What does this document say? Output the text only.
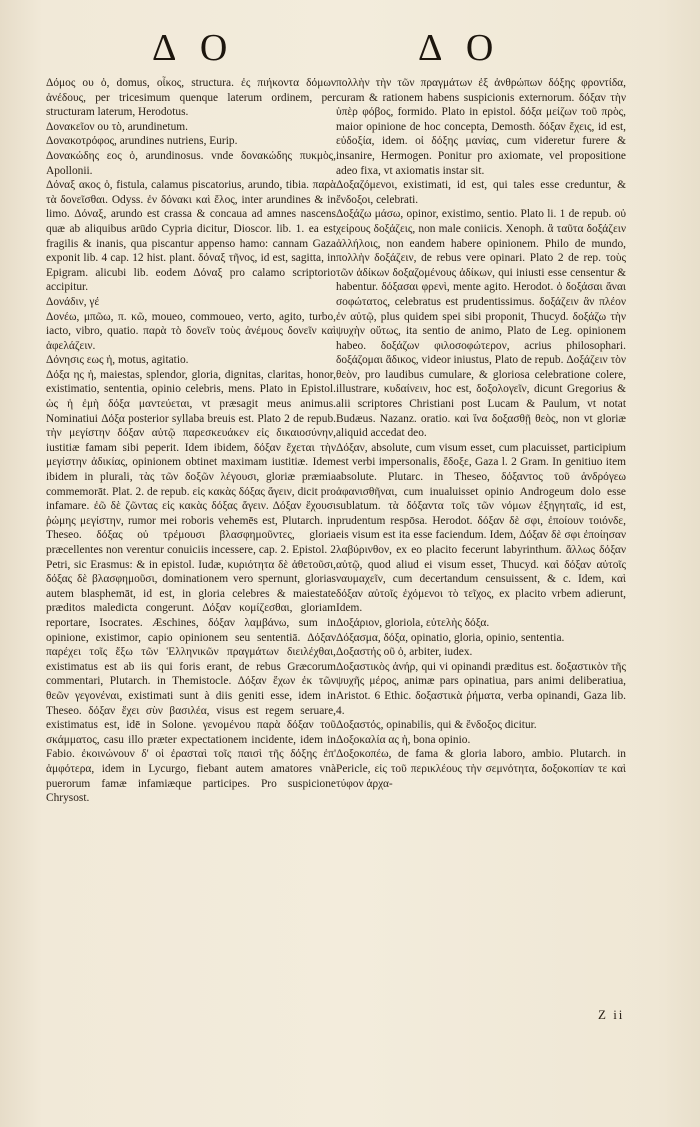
Δ Ο	Δ Ο

Δόμος ου ὁ, domus, οἶκος, structura. ἐς πιήκοντα δόμων ἀνέδους, per tricesimum quenque laterum ordinem, per structuram laterum, Herodotus.

Δονακεῖον ου τὸ, arundinetum.

Δονακοτρόφος, arundines nutriens, Eurip.

Δονακώδης εος ὁ, arundinosus. vnde δονακώδης πυκμὸς, Apollonii.

Δόναξ ακος ὁ, fistula, calamus piscatorius, arundo, tibia. παρὰ τὰ δονεῖσθαι. Odyss. ἐν δόνακι καὶ ἕλος, inter arundines & in limo. Δόναξ, arundo est crassa & concaua ad amnes nascens quæ ab aliquibus arūdo Cypria dicitur, Dioscor. lib. 1. ea est fragilis & inanis, qua piscantur appenso hamo: cannam Gaza exponit lib. 4 cap. 12 hist. plant. δόναξ τῆνος, id est, sagitta, in Epigram. alicubi lib. eodem Δόναξ pro calamo scriptorio accipitur.

Δονάδιν, γέ

Δονέω, μπῶω, π. κῶ, moueo, commoueo, verto, agito, turbo, iacto, vibro, quatio. παρὰ τὸ δονεῖν τοὺς ἀνέμους δονεῖν καὶ ἀφελάζειν.

Δόνησις εως ἡ, motus, agitatio.

Δόξα ης ἡ, maiestas, splendor, gloria, dignitas, claritas, honor, existimatio, sententia, opinio celebris, mens. Plato in Epistol. ὡς ἡ ἐμὴ δόξα μαντεύεται, vt præsagit meus animus. Nominatiui Δόξα posterior syllaba breuis est. Plato 2 de repub. τὴν μεγίστην δόξαν αὐτῷ παρεσκευάκεν εἰς δικαιοσύνην, iustitiæ famam sibi peperit. Idem ibidem, δόξαν ἔχεται τὴν μεγίστην ἀδικίας, opinionem obtinet maximam iustitiæ. Idem ibidem in plurali, τὰς τῶν δοξῶν λέγουσι, gloriæ præmia commemorāt. Plat. 2. de repub. εἰς κακὰς δόξας ἄγειν, dicit pro infamare. ἐῶ δὲ ζῶντας εἰς κακὰς δόξας ἄγειν. Δόξαν ἔχουσι ῥώμης μεγίστην, rumor mei roboris vehemēs est, Plutarch. in Theseo. δόξας οὐ τρέμουσι βλασφημοῦντες, gloria præcellentes non verentur conuiciis incessere, cap. 2. Epistol. 2 Petri, sic Erasmus: & in epistol. Iudæ, κυριότητα δὲ ἀθετοῦσι, δόξας δὲ βλασφημοῦσι, dominationem vero spernunt, glorias autem blasphemāt, id est, in gloria celebres & maiestate præditos maledicta congerunt. Δόξαν κομίζεσθαι, gloriam reportare, Isocrates. Æschines, δόξαν λαμβάνω, sum in opinione, existimor, capio opinionem seu sententiā. Δόξαν παρέχει τοῖς ἔξω τῶν Ἑλληνικῶν πραγμάτων διειλέχθαι, existimatus est ab iis qui foris erant, de rebus Græcorum commentari, Plutarch. in Themistocle. Δόξαν ἔχων ἐκ τῶν θεῶν γεγονέναι, existimati sunt à diis geniti esse, idem in Theseo. δόξαν ἔχει σὺν βασιλέα, visus est regem seruare, existimatus est, idē in Solone. γενομένου παρὰ δόξαν τοῦ σκάμματος, casu illo præter expectationem incidente, idem in Fabio. ἐκοινώνουν δ' οἱ ἐρασταὶ τοῖς παισὶ τῆς δόξης ἐπ' ἀμφότερα, idem in Lycurgo, fiebant autem amatores vnà puerorum famæ infamiæque participes. Pro suspicione Chrysost.

πολλὴν τὴν τῶν πραγμάτων ἐξ ἀνθρώπων δόξης φροντίδα, curam & rationem habens suspicionis externorum. δόξαν τὴν ὑπὲρ φόβος, formido. Plato in epistol. δόξα μείζων τοῦ πρὸς, maior opinione de hoc concepta, Demosth. δόξαν ἔχεις, id est, εὐδοξία, idem. οἱ δόξης μανίας, cum videretur furere & insanire, Hermogen. Ponitur pro axiomate, vel propositione adeo fixa, vt axiomatis instar sit.

Δοξαζόμενοι, existimati, id est, qui tales esse creduntur, & ἔνδοξοι, celebrati.

Δοξάζω μάσω, opinor, existimo, sentio. Plato li. 1 de repub. οὐ χείρους δοξάζεις, non male coniicis. Xenoph. ἃ ταῦτα δοξάζειν ἀλλήλοις, non eandem habere opinionem. Philo de mundo, πολλὴν δοξάζειν, de rebus vere opinari. Plato 2 de rep. τοὺς τῶν ἀδίκων δοξαζομένους ἀδίκων, qui iniusti esse censentur & habentur. δόξασαι φρενὶ, mente agito. Herodot. ὁ δοξάσαι ἄναι σοφώτατος, celebratus est prudentissimus. δοξάζειν ἂν πλέον ἐν αὐτῷ, plus quidem spei sibi proponit, Thucyd. δοξάζω τὴν ψυχὴν οὕτως, ita sentio de animo, Plato de Leg. opinionem habeo. δοξάζων φιλοσοφώτερον, acrius philosophari. δοξάζομαι ἄδικος, videor iniustus, Plato de repub. Δοξάζειν τὸν θεὸν, pro laudibus cumulare, & gloriosa celebratione colere, illustrare, κυδαίνειν, hoc est, δοξολογεῖν, dicunt Gregorius & alii scriptores Christiani post Lucam & Paulum, vt notat Budæus. Nazanz. oratio. καὶ ἵνα δοξασθῇ θεὸς, non vt gloriæ aliquid accedat deo.

Δόξαν, absolute, cum visum esset, cum placuisset, participium est verbi impersonalis, ἔδοξε, Gaza l. 2 Gram. In genitiuo item absolute. Plutarc. in Theseo, δόξαντος τοῦ ἀνδρόγεω ἀφανισθῆναι, cum inualuisset opinio Androgeum dolo esse sublatum. τὰ δόξαντα τοῖς τῶν νόμων ἐξηγηταῖς, id est, prudentum respōsa. Herodot. δόξαν δὲ σφι, ἐποίουν τοιόνδε, eis visum est ita esse faciendum. Idem, Δόξαν δὲ σφι ἐποίησαν λαβύρινθον, ex eo placito fecerunt labyrinthum. ἄλλως δόξαν αὐτῷ, quod aliud ei visum esset, Thucyd. καὶ δόξαν αὐτοῖς ναυμαχεῖν, cum decertandum censuissent, & c. Idem, καὶ δόξαν αὐτοῖς ἐχόμενοι τὸ τεῖχος, ex placito vrbem adierunt, Idem.

Δοξάριον, gloriola, εὐτελὴς δόξα.

Δόξασμα, δόξα, opinatio, gloria, opinio, sententia.

Δοξαστής οῦ ὁ, arbiter, iudex.

Δοξαστικὸς ἀνήρ, qui vi opinandi præditus est. δοξαστικὸν τῆς ψυχῆς μέρος, animæ pars opinatiua, pars animi deliberatiua, Aristot. 6 Ethic. δοξαστικὰ ῥήματα, verba opinandi, Gaza lib. 4.

Δοξαστός, opinabilis, qui & ἔνδοξος dicitur.

Δοξοκαλία ας ἡ, bona opinio.

Δοξοκοπέω, de fama & gloria laboro, ambio. Plutarch. in Pericle, εἰς τοῦ περικλέους τὴν σεμνότητα, δοξοκοπίαν τε καὶ τύφον ἀρχα-

Z ii
